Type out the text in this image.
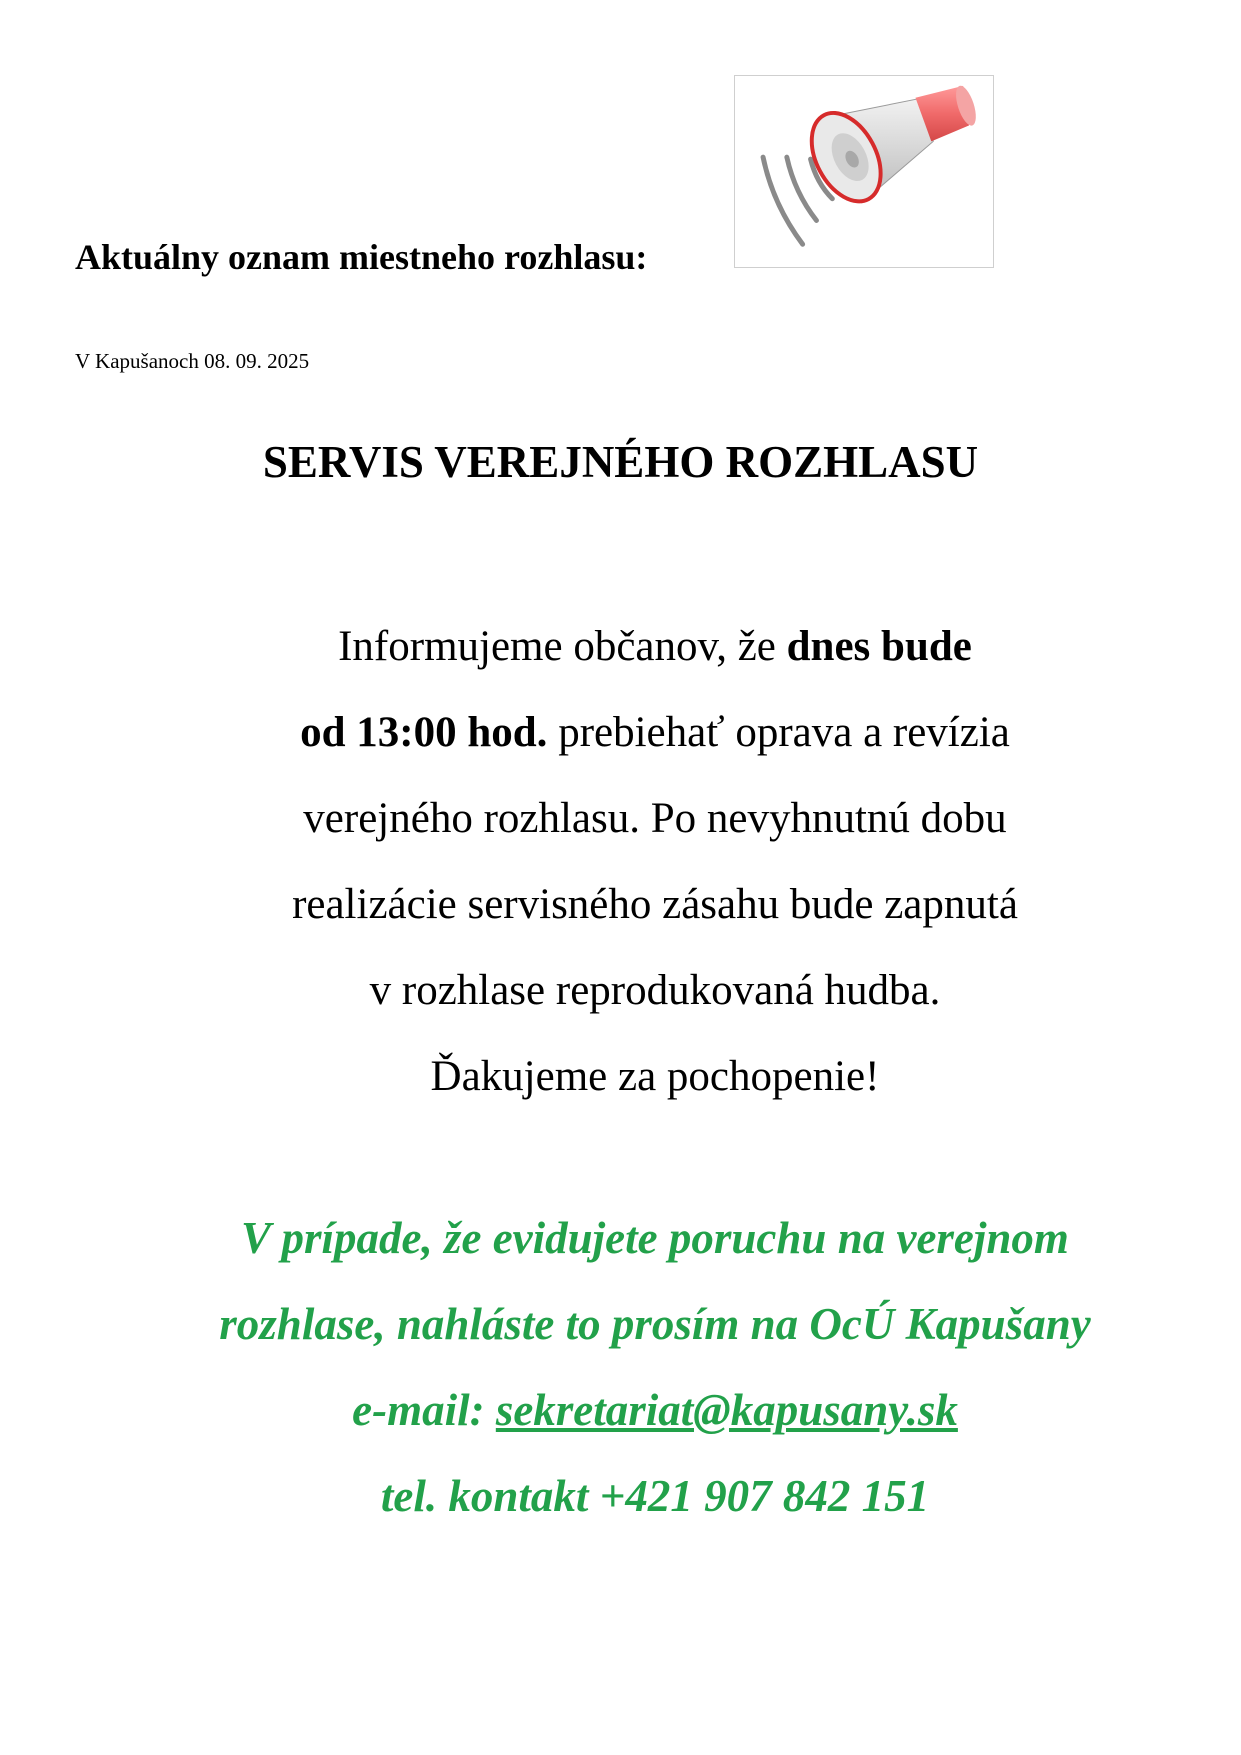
Aktuálny oznam miestneho rozhlasu:
V Kapušanoch 08. 09. 2025
SERVIS VEREJNÉHO ROZHLASU
Informujeme občanov, že dnes bude
od 13:00 hod. prebiehať oprava a revízia
verejného rozhlasu. Po nevyhnutnú dobu
realizácie servisného zásahu bude zapnutá
v rozhlase reprodukovaná hudba.
Ďakujeme za pochopenie!
V prípade, že evidujete poruchu na verejnom
rozhlase, nahláste to prosím na OcÚ Kapušany
e-mail: sekretariat@kapusany.sk
tel. kontakt +421 907 842 151
